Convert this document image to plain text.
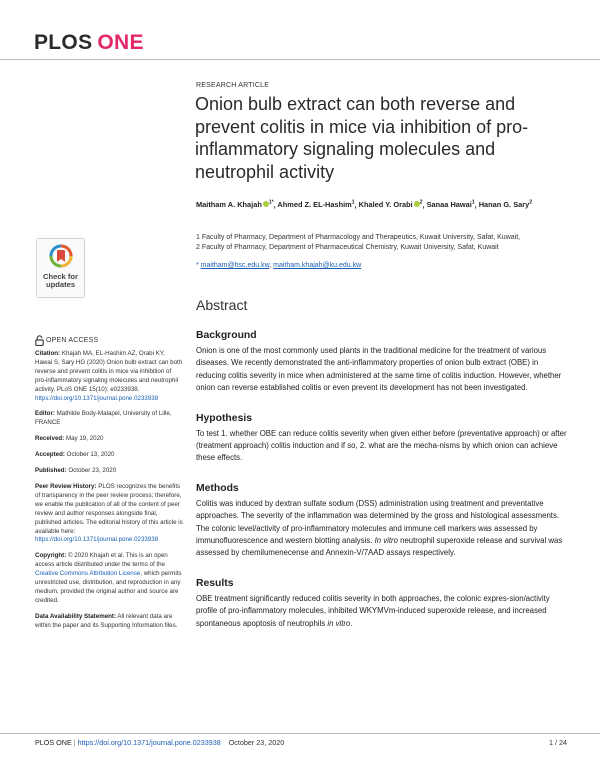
PLOS ONE
RESEARCH ARTICLE
Onion bulb extract can both reverse and prevent colitis in mice via inhibition of pro-inflammatory signaling molecules and neutrophil activity
Maitham A. Khajah $^{1*}$, Ahmed Z. EL-Hashim$^1$, Khaled Y. Orabi $^2$, Sanaa Hawai$^1$, Hanan G. Sary$^2$
1 Faculty of Pharmacy, Department of Pharmacology and Therapeutics, Kuwait University, Safat, Kuwait,
2 Faculty of Pharmacy, Department of Pharmaceutical Chemistry, Kuwait University, Safat, Kuwait
* maitham@hsc.edu.kw, maitham.khajah@ku.edu.kw
Check for
updates
OPEN ACCESS
Citation: Khajah MA, EL-Hashim AZ, Orabi KY, Hawai S, Sary HG (2020) Onion bulb extract can both reverse and prevent colitis in mice via inhibition of pro-inflammatory signaling molecules and neutrophil activity. PLoS ONE 15(10): e0233938. https://doi.org/10.1371/journal.pone.0233938
Editor: Mathilde Body-Malapel, University of Lille, FRANCE
Received: May 19, 2020
Accepted: October 13, 2020
Published: October 23, 2020
Peer Review History: PLOS recognizes the benefits of transparency in the peer review process; therefore, we enable the publication of all of the content of peer review and author responses alongside final, published articles. The editorial history of this article is available here: https://doi.org/10.1371/journal.pone.0233938
Copyright: © 2020 Khajah et al. This is an open access article distributed under the terms of the Creative Commons Attribution License, which permits unrestricted use, distribution, and reproduction in any medium, provided the original author and source are credited.
Data Availability Statement: All relevant data are within the paper and its Supporting Information files.
Abstract
Background

Onion is one of the most commonly used plants in the traditional medicine for the treatment of various diseases. We recently demonstrated the anti-inflammatory properties of onion bulb extract (OBE) in reducing colitis severity in mice when administered at the same time of colitis induction. However, whether onion can reverse established colitis or even prevent its development has not been investigated.

Hypothesis

To test 1. whether OBE can reduce colitis severity when given either before (preventative approach) or after (treatment approach) colitis induction and if so, 2. what are the mecha-nisms by which onion can achieve these effects.

Methods

Colitis was induced by dextran sulfate sodium (DSS) administration using treatment and preventative approaches. The severity of the inflammation was determined by the gross and histological assessments. The colonic level/activity of pro-inflammatory molecules and immune cell markers was assessed by immunofluorescence and western blotting analysis. In vitro neutrophil superoxide release and survival was assessed by chemilumenecense and Annexin-V/7AAD assays respectively.

Results

OBE treatment significantly reduced colitis severity in both approaches, the colonic expres-sion/activity profile of pro-inflammatory molecules, inhibited WKYMVm-induced superoxide release, and increased spontaneous apoptosis of neutrophils in vitro.

PLOS ONE | https://doi.org/10.1371/journal.pone.0233938 October 23, 2020	1 / 24
